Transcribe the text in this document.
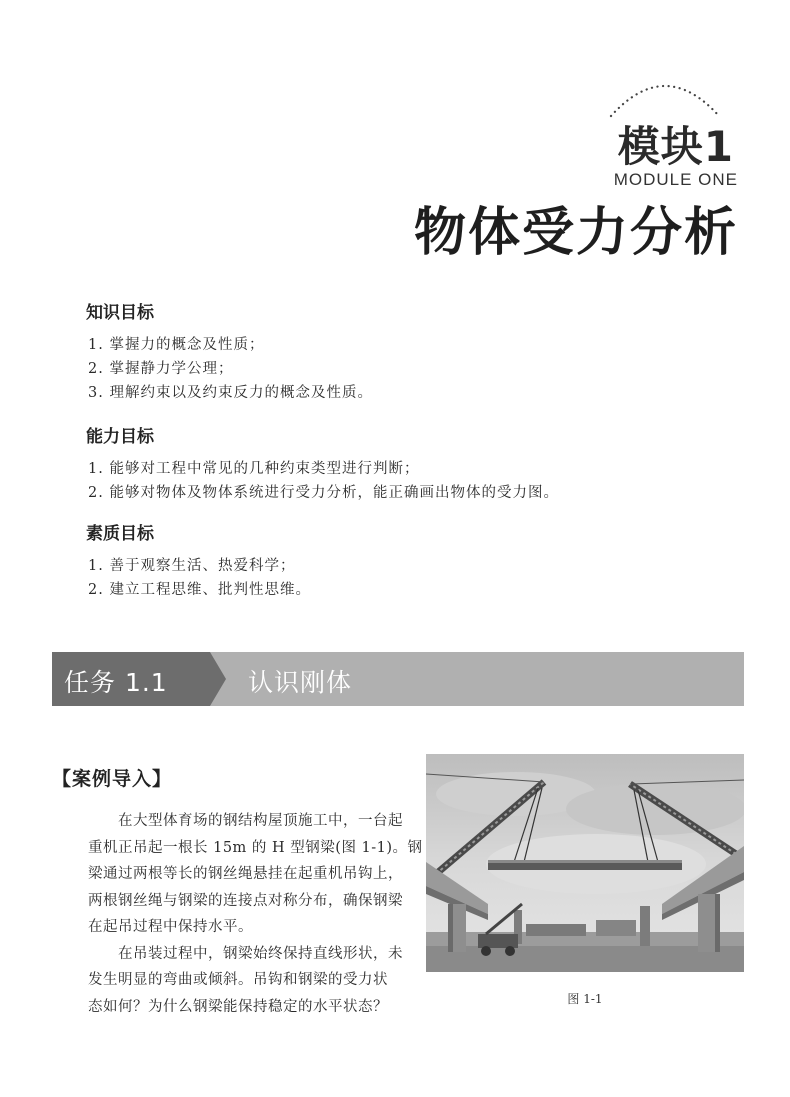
模块1
MODULE ONE
物体受力分析
知识目标
1. 掌握力的概念及性质；
2. 掌握静力学公理；
3. 理解约束以及约束反力的概念及性质。
能力目标
1. 能够对工程中常见的几种约束类型进行判断；
2. 能够对物体及物体系统进行受力分析，能正确画出物体的受力图。
素质目标
1. 善于观察生活、热爱科学；
2. 建立工程思维、批判性思维。
任务 1.1	认识刚体
【案例导入】

在大型体育场的钢结构屋顶施工中，一台起
重机正吊起一根长 15m 的 H 型钢梁(图 1-1)。钢
梁通过两根等长的钢丝绳悬挂在起重机吊钩上，
两根钢丝绳与钢梁的连接点对称分布，确保钢梁
在起吊过程中保持水平。

在吊装过程中，钢梁始终保持直线形状，未
发生明显的弯曲或倾斜。吊钩和钢梁的受力状
态如何？为什么钢梁能保持稳定的水平状态？	图 1-1
